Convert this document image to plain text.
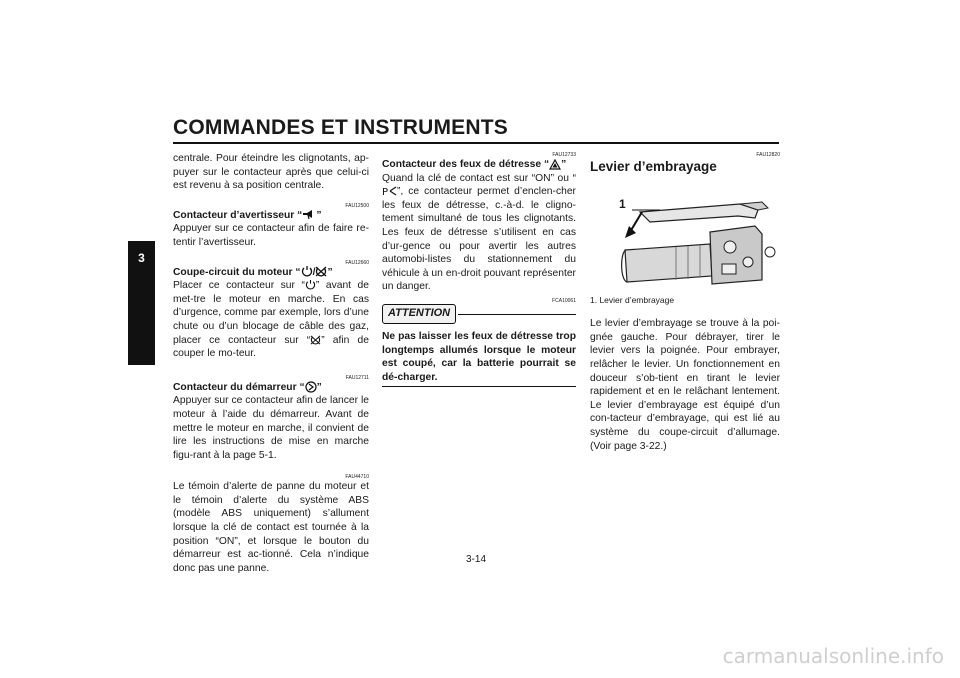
COMMANDES ET INSTRUMENTS
3

centrale. Pour éteindre les clignotants, ap-puyer sur le contacteur après que celui-ci est revenu à sa position centrale.

FAU12500

Contacteur d’avertisseur “ ”

Appuyer sur ce contacteur afin de faire re-tentir l’avertisseur.

FAU12660

Coupe-circuit du moteur “ / ”

Placer ce contacteur sur “ ” avant de met-tre le moteur en marche. En cas d’urgence, comme par exemple, lors d’une chute ou d’un blocage de câble des gaz, placer ce contacteur sur “ ” afin de couper le mo-teur.

FAU12711

Contacteur du démarreur “ ”

Appuyer sur ce contacteur afin de lancer le moteur à l’aide du démarreur. Avant de mettre le moteur en marche, il convient de lire les instructions de mise en marche figu-rant à la page 5-1.

FAU44710

Le témoin d’alerte de panne du moteur et le témoin d’alerte du système ABS (modèle ABS uniquement) s’allument lorsque la clé de contact est tournée à la position “ON”, et lorsque le bouton du démarreur est ac-tionné. Cela n’indique donc pas une panne.

FAU12733

Contacteur des feux de détresse “ ”

Quand la clé de contact est sur “ON” ou “
P ”, ce contacteur permet d’enclen-cher les feux de détresse, c.-à-d. le cligno-tement simultané de tous les clignotants. Les feux de détresse s’utilisent en cas d’ur-gence ou pour avertir les autres automobi-listes du stationnement du véhicule à un en-droit pouvant représenter un danger.

FCA10061
ATTENTION

Ne pas laisser les feux de détresse trop longtemps allumés lorsque le moteur est coupé, car la batterie pourrait se dé-charger.

FAU12820
Levier d’embrayage
1
1. Levier d’embrayage

Le levier d’embrayage se trouve à la poi-gnée gauche. Pour débrayer, tirer le levier vers la poignée. Pour embrayer, relâcher le levier. Un fonctionnement en douceur s’ob-tient en tirant le levier rapidement et en le relâchant lentement. Le levier d’embrayage est équipé d’un con-tacteur d’embrayage, qui est lié au système du coupe-circuit d’allumage. (Voir page 3-22.)

3-14
carmanualsonline.info
